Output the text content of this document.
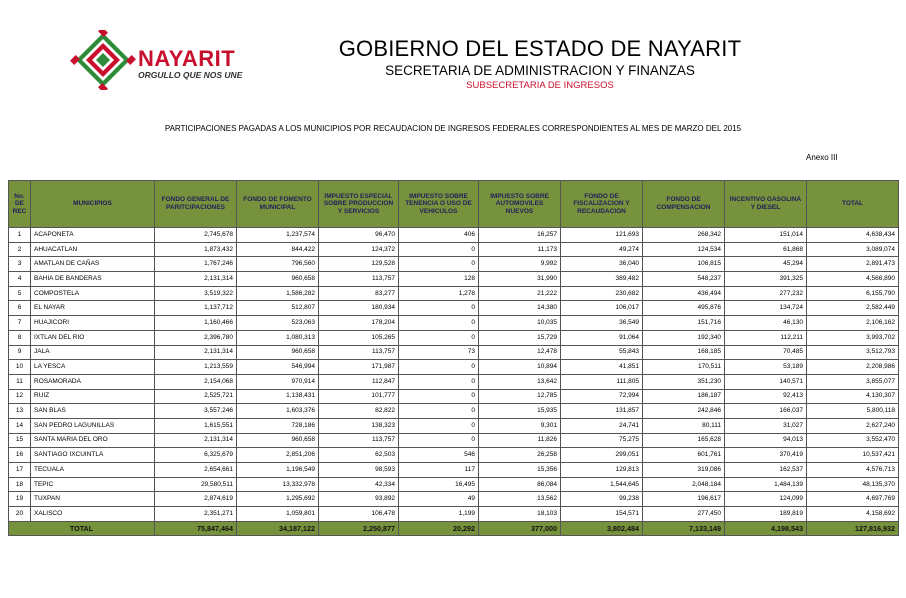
NAYARIT
ORGULLO QUE NOS UNE
GOBIERNO DEL ESTADO DE NAYARIT
SECRETARIA DE ADMINISTRACION Y FINANZAS
SUBSECRETARIA DE INGRESOS
PARTICIPACIONES PAGADAS A LOS MUNICIPIOS POR RECAUDACION DE INGRESOS FEDERALES CORRESPONDIENTES AL MES DE MARZO DEL 2015
Anexo III
No. DE REC	MUNICIPIOS	FONDO GENERAL DE PARITCIPACIONES	FONDO DE FOMENTO MUNICIPAL	IMPUESTO ESPECIAL SOBRE PRODUCCION Y SERVICIOS	IMPUESTO SOBRE TENENCIA O USO DE VEHICULOS	IMPUESTO SOBRE AUTOMOVILES NUEVOS	FONDO DE FISCALIZACION Y RECAUDACION	FONDO DE COMPENSACION	INCENTIVO GASOLINA Y DIESEL	TOTAL
1	ACAPONETA	2,745,678	1,237,574	96,470	406	16,257	121,693	268,342	151,014	4,638,434
2	AHUACATLAN	1,873,432	844,422	124,372	0	11,173	49,274	124,534	61,868	3,089,074
3	AMATLAN DE CAÑAS	1,767,246	796,560	129,528	0	9,992	36,040	106,815	45,294	2,891,473
4	BAHIA DE BANDERAS	2,131,314	960,658	113,757	128	31,990	389,482	548,237	391,325	4,566,890
5	COMPOSTELA	3,519,322	1,586,282	83,277	1,278	21,222	230,682	436,494	277,232	6,155,790
6	EL NAYAR	1,137,712	512,807	180,934	0	14,380	106,017	495,876	134,724	2,582,449
7	HUAJICORI	1,160,466	523,063	178,204	0	10,035	36,549	151,716	46,130	2,106,162
8	IXTLAN DEL RIO	2,396,780	1,080,313	105,265	0	15,729	91,064	192,340	112,211	3,993,702
9	JALA	2,131,314	960,658	113,757	73	12,478	55,843	168,185	70,485	3,512,793
10	LA YESCA	1,213,559	546,994	171,987	0	10,894	41,851	170,511	53,189	2,208,986
11	ROSAMORADA	2,154,068	970,914	112,847	0	13,642	111,805	351,230	140,571	3,855,077
12	RUIZ	2,525,721	1,138,431	101,777	0	12,785	72,994	186,187	92,413	4,130,307
13	SAN BLAS	3,557,246	1,603,376	82,822	0	15,935	131,857	242,846	166,037	5,800,118
14	SAN PEDRO LAGUNILLAS	1,615,551	728,186	138,323	0	9,301	24,741	80,111	31,027	2,627,240
15	SANTA MARIA DEL ORO	2,131,314	960,658	113,757	0	11,826	75,275	165,628	94,013	3,552,470
16	SANTIAGO IXCUINTLA	6,325,679	2,851,206	62,503	546	26,258	299,051	601,761	370,419	10,537,421
17	TECUALA	2,654,661	1,196,549	98,593	117	15,356	129,813	319,086	162,537	4,576,713
18	TEPIC	29,580,511	13,332,978	42,334	16,495	86,084	1,544,645	2,048,184	1,484,139	48,135,370
19	TUXPAN	2,874,619	1,295,692	93,892	49	13,562	99,238	196,617	124,099	4,697,769
20	XALISCO	2,351,271	1,059,801	106,478	1,199	18,103	154,571	277,450	189,819	4,158,692
TOTAL		75,847,464	34,187,122	2,250,877	20,292	377,000	3,802,484	7,133,149	4,198,543	127,816,932
